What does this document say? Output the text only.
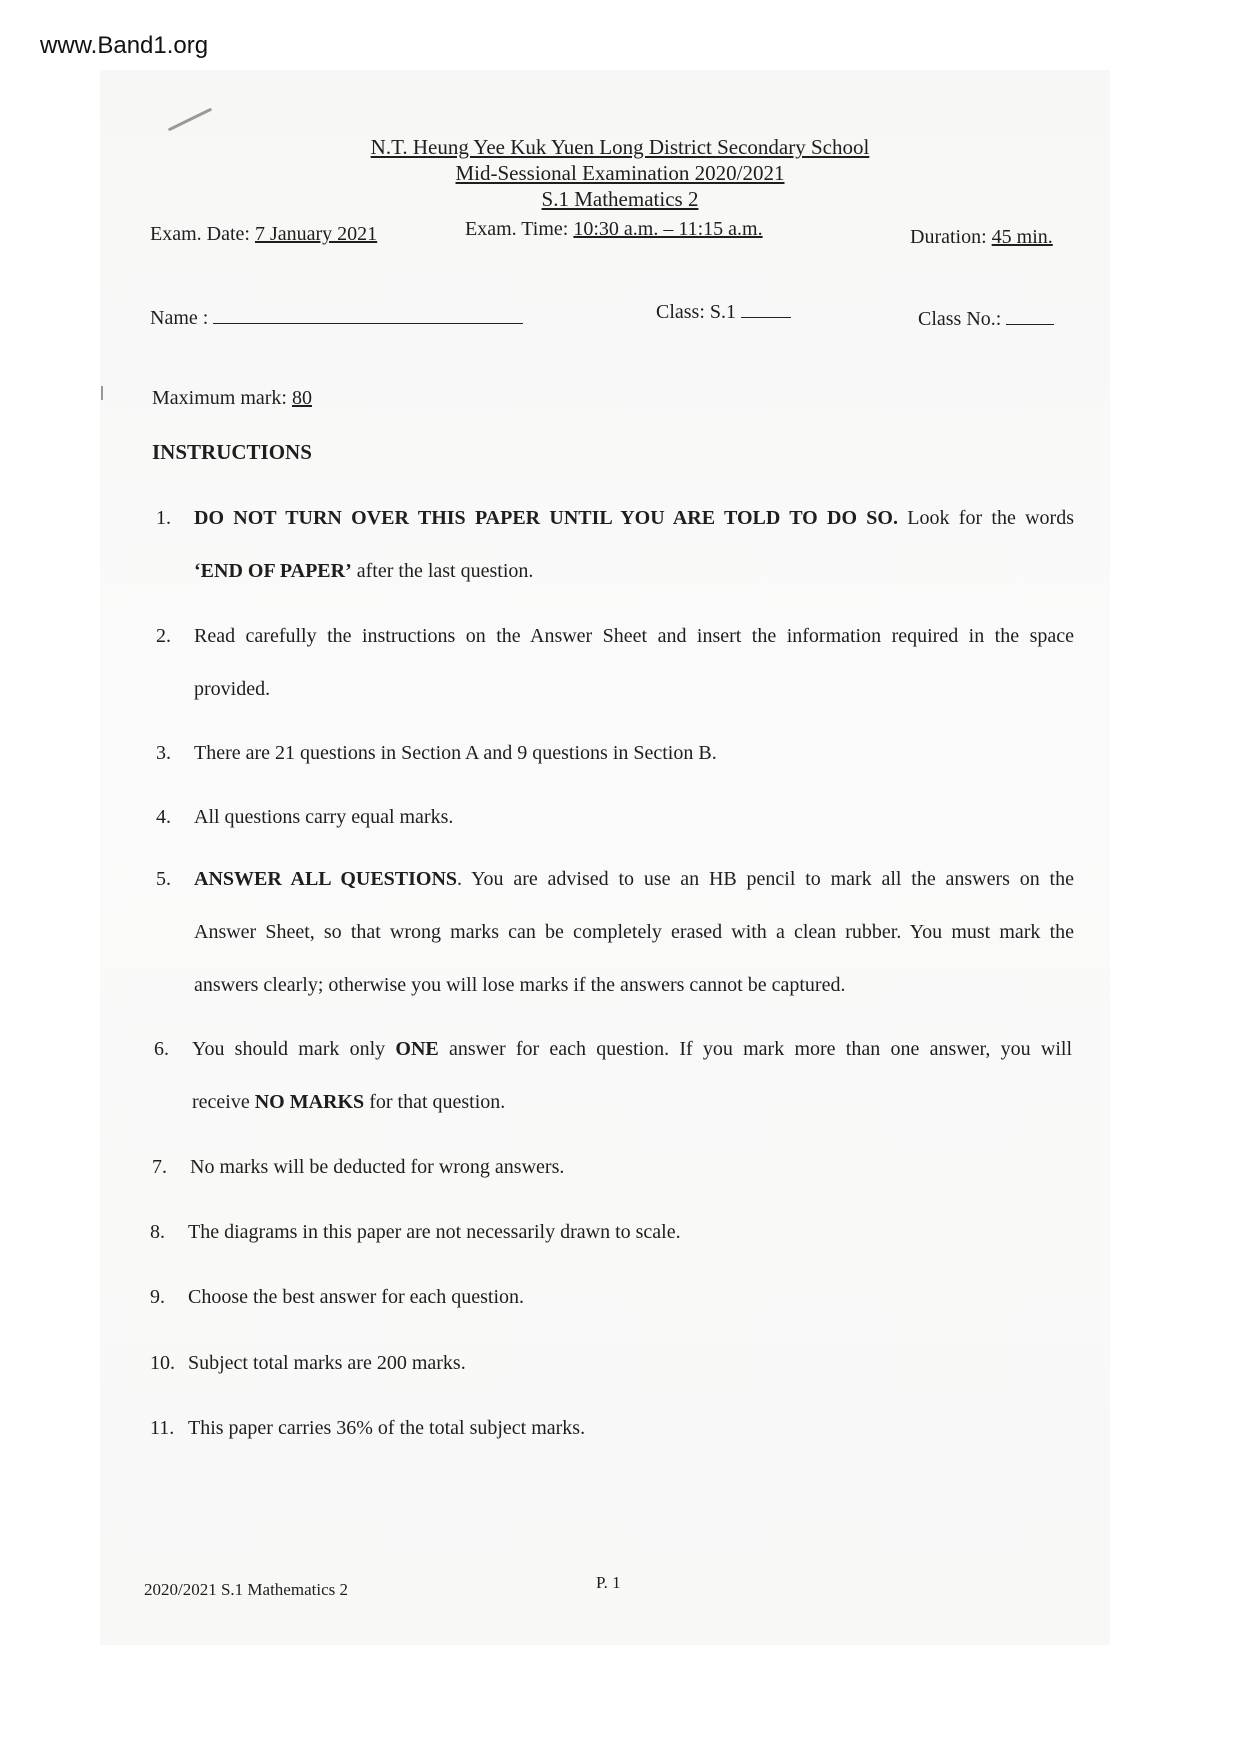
www.Band1.org
N.T. Heung Yee Kuk Yuen Long District Secondary School
Mid-Sessional Examination 2020/2021
S.1 Mathematics 2
Exam. Date: 7 January 2021	Exam. Time: 10:30 a.m. – 11:15 a.m.	Duration: 45 min.
Name :	Class: S.1	Class No.:
Maximum mark: 80
INSTRUCTIONS
1. DO NOT TURN OVER THIS PAPER UNTIL YOU ARE TOLD TO DO SO. Look for the words
‘END OF PAPER’ after the last question.
2. Read carefully the instructions on the Answer Sheet and insert the information required in the space
provided.
3. There are 21 questions in Section A and 9 questions in Section B.
4. All questions carry equal marks.
5. ANSWER ALL QUESTIONS. You are advised to use an HB pencil to mark all the answers on the
Answer Sheet, so that wrong marks can be completely erased with a clean rubber. You must mark the
answers clearly; otherwise you will lose marks if the answers cannot be captured.
6. You should mark only ONE answer for each question. If you mark more than one answer, you will
receive NO MARKS for that question.
7. No marks will be deducted for wrong answers.
8. The diagrams in this paper are not necessarily drawn to scale.
9. Choose the best answer for each question.
10. Subject total marks are 200 marks.
11. This paper carries 36% of the total subject marks.
2020/2021 S.1 Mathematics 2	P. 1
